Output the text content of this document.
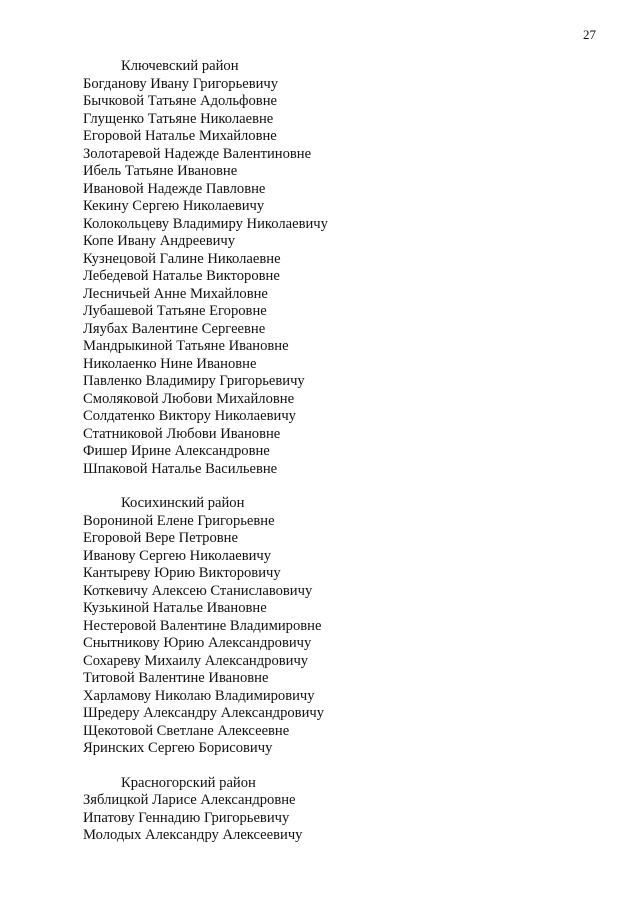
27
Ключевский район
Богданову Ивану Григорьевичу
Бычковой Татьяне Адольфовне
Глущенко Татьяне Николаевне
Егоровой Наталье Михайловне
Золотаревой Надежде Валентиновне
Ибель Татьяне Ивановне
Ивановой Надежде Павловне
Кекину Сергею Николаевичу
Колокольцеву Владимиру Николаевичу
Копе Ивану Андреевичу
Кузнецовой Галине Николаевне
Лебедевой Наталье Викторовне
Лесничьей Анне Михайловне
Лубашевой Татьяне Егоровне
Ляубах Валентине Сергеевне
Мандрыкиной Татьяне Ивановне
Николаенко Нине Ивановне
Павленко Владимиру Григорьевичу
Смоляковой Любови Михайловне
Солдатенко Виктору Николаевичу
Статниковой Любови Ивановне
Фишер Ирине Александровне
Шпаковой Наталье Васильевне
Косихинский район
Ворониной Елене Григорьевне
Егоровой Вере Петровне
Иванову Сергею Николаевичу
Кантыреву Юрию Викторовичу
Коткевичу Алексею Станиславовичу
Кузькиной Наталье Ивановне
Нестеровой Валентине Владимировне
Снытникову Юрию Александровичу
Сохареву Михаилу Александровичу
Титовой Валентине Ивановне
Харламову Николаю Владимировичу
Шредеру Александру Александровичу
Щекотовой Светлане Алексеевне
Яринских Сергею Борисовичу
Красногорский район
Зяблицкой Ларисе Александровне
Ипатову Геннадию Григорьевичу
Молодых Александру Алексеевичу
